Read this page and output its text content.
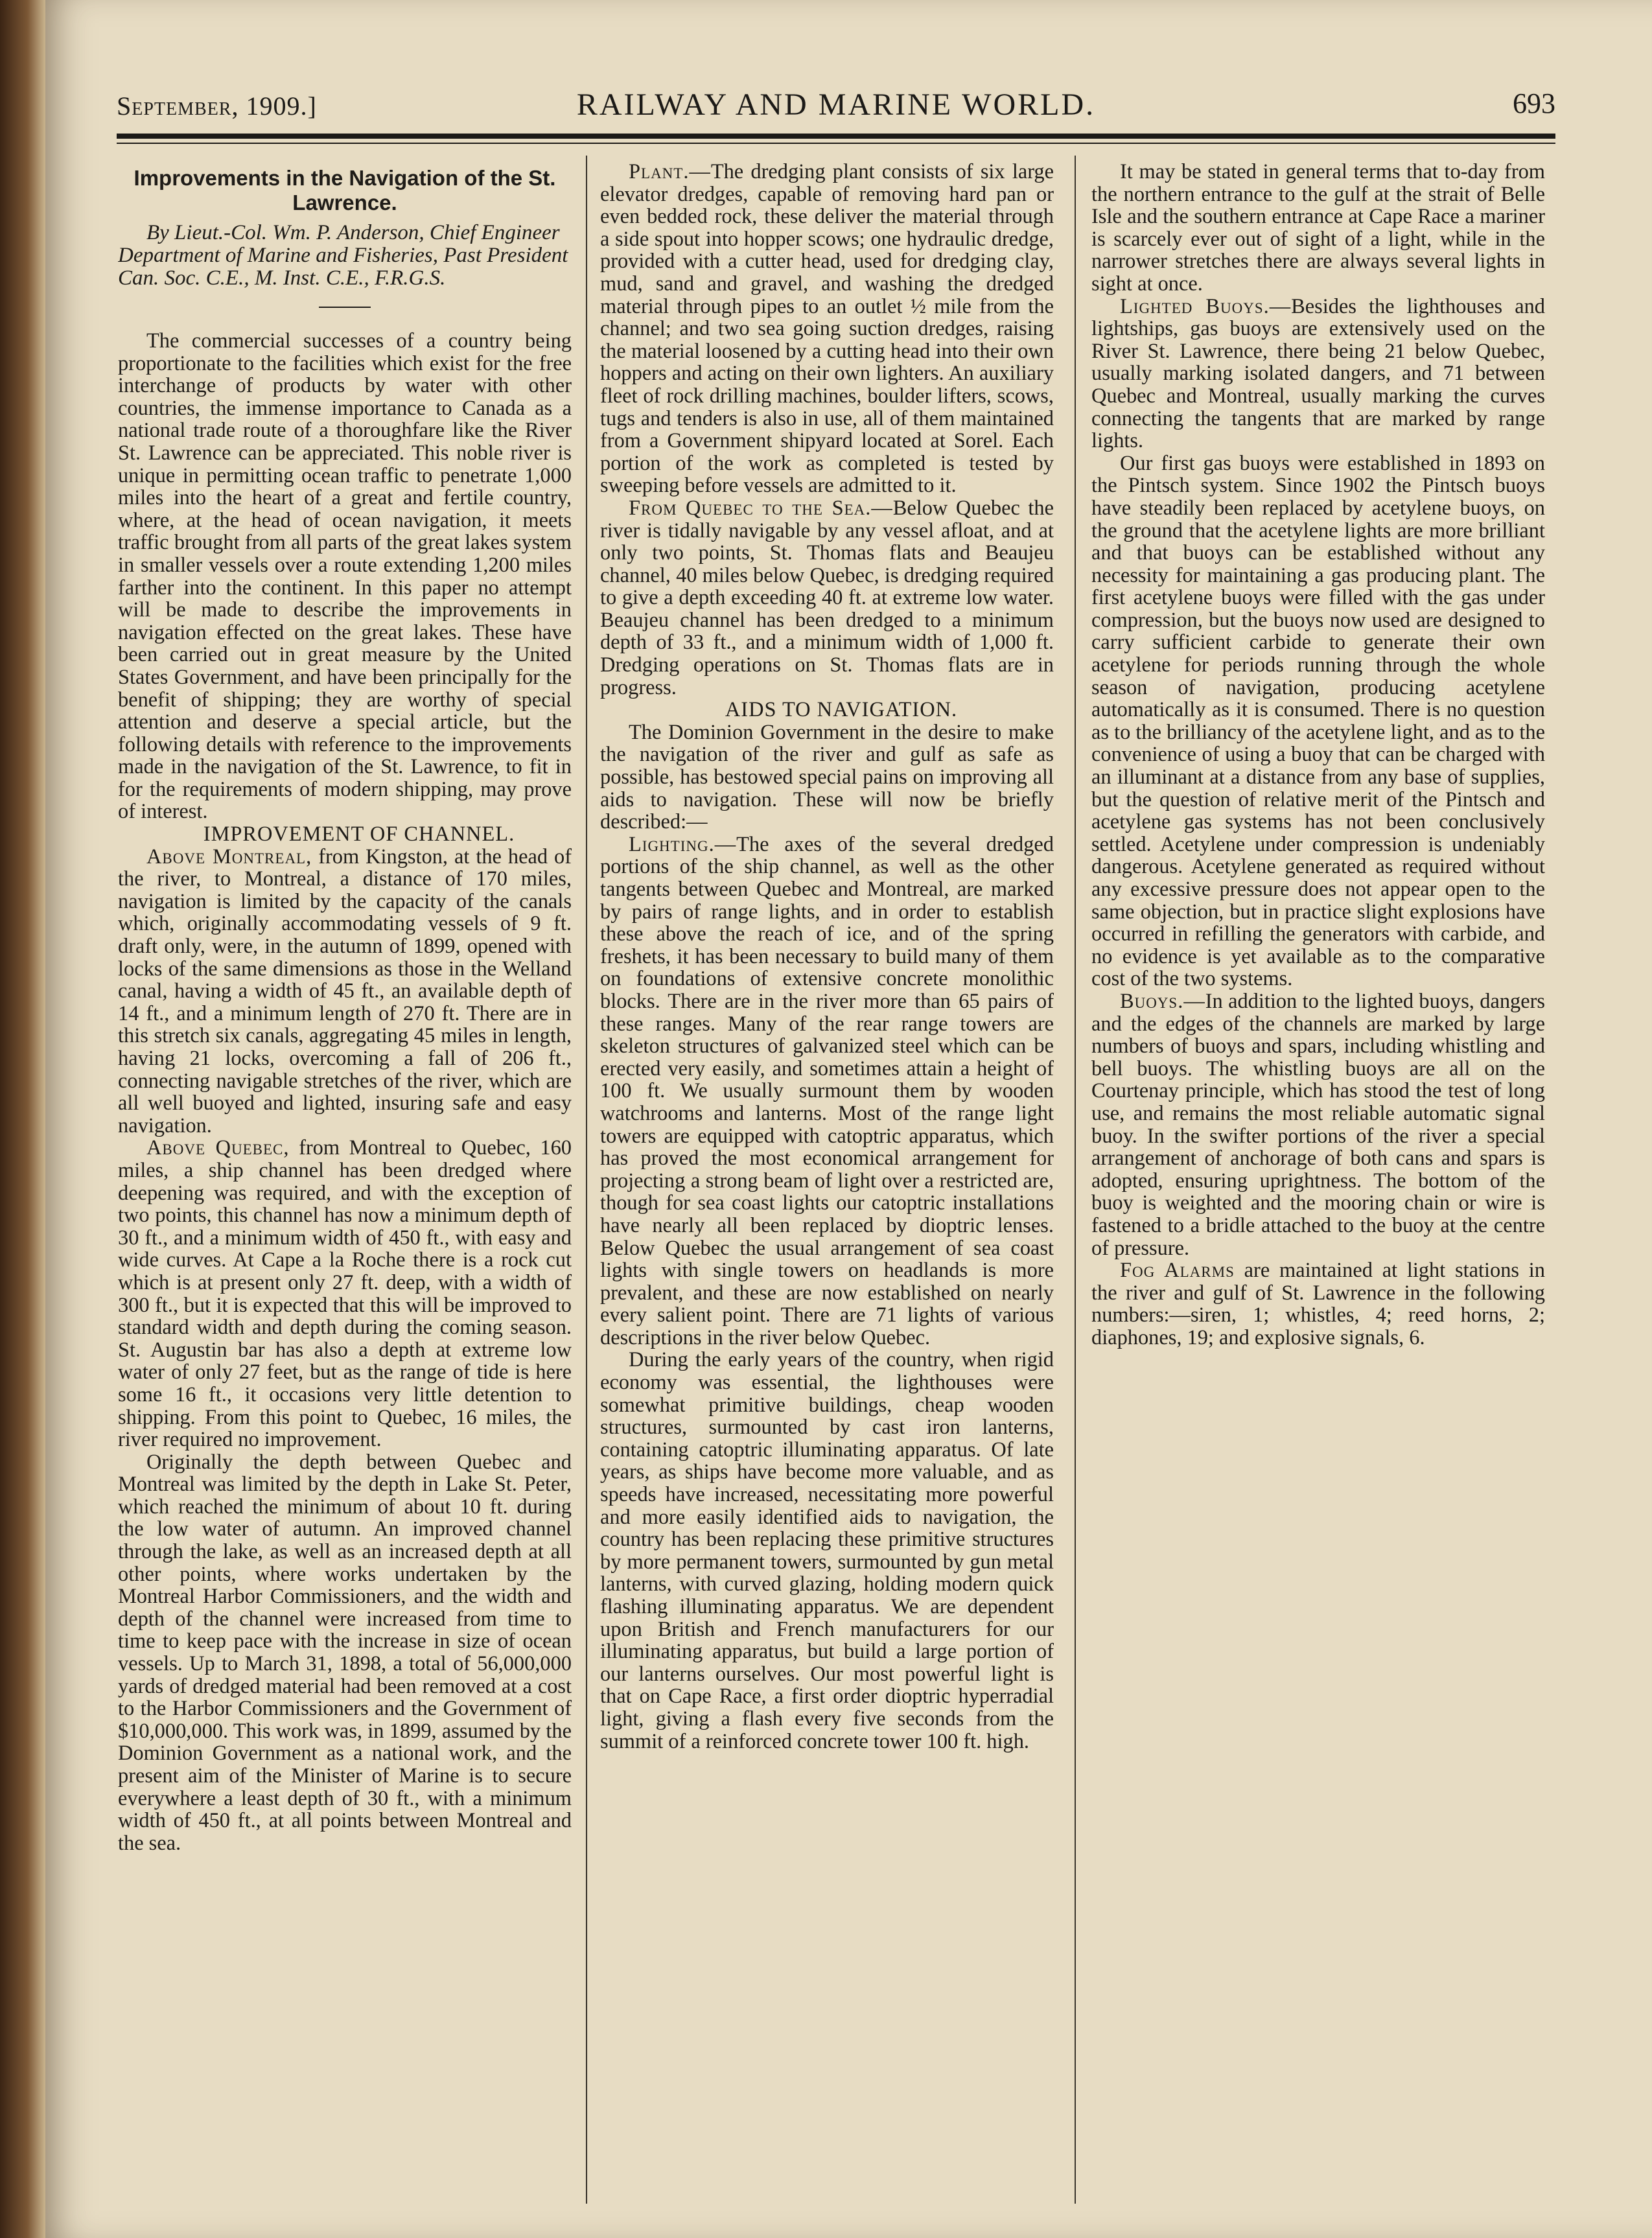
September, 1909.]	RAILWAY AND MARINE WORLD.	693
Improvements in the Navigation of the St. Lawrence.

By Lieut.-Col. Wm. P. Anderson, Chief Engineer Department of Marine and Fisheries, Past President Can. Soc. C.E., M. Inst. C.E., F.R.G.S.

The commercial successes of a country being proportionate to the facilities which exist for the free interchange of products by water with other countries, the immense importance to Canada as a national trade route of a thoroughfare like the River St. Lawrence can be appreciated. This noble river is unique in permitting ocean traffic to penetrate 1,000 miles into the heart of a great and fertile country, where, at the head of ocean navigation, it meets traffic brought from all parts of the great lakes system in smaller vessels over a route extending 1,200 miles farther into the continent. In this paper no attempt will be made to describe the improvements in navigation effected on the great lakes. These have been carried out in great measure by the United States Government, and have been principally for the benefit of shipping; they are worthy of special attention and deserve a special article, but the following details with reference to the improvements made in the navigation of the St. Lawrence, to fit in for the requirements of modern shipping, may prove of interest.

IMPROVEMENT OF CHANNEL.

Above Montreal, from Kingston, at the head of the river, to Montreal, a distance of 170 miles, navigation is limited by the capacity of the canals which, originally accommodating vessels of 9 ft. draft only, were, in the autumn of 1899, opened with locks of the same dimensions as those in the Welland canal, having a width of 45 ft., an available depth of 14 ft., and a minimum length of 270 ft. There are in this stretch six canals, aggregating 45 miles in length, having 21 locks, overcoming a fall of 206 ft., connecting navigable stretches of the river, which are all well buoyed and lighted, insuring safe and easy navigation.

Above Quebec, from Montreal to Quebec, 160 miles, a ship channel has been dredged where deepening was required, and with the exception of two points, this channel has now a minimum depth of 30 ft., and a minimum width of 450 ft., with easy and wide curves. At Cape a la Roche there is a rock cut which is at present only 27 ft. deep, with a width of 300 ft., but it is expected that this will be improved to standard width and depth during the coming season. St. Augustin bar has also a depth at extreme low water of only 27 feet, but as the range of tide is here some 16 ft., it occasions very little detention to shipping. From this point to Quebec, 16 miles, the river required no improvement.

Originally the depth between Quebec and Montreal was limited by the depth in Lake St. Peter, which reached the minimum of about 10 ft. during the low water of autumn. An improved channel through the lake, as well as an increased depth at all other points, where works undertaken by the Montreal Harbor Commissioners, and the width and depth of the channel were increased from time to time to keep pace with the increase in size of ocean vessels. Up to March 31, 1898, a total of 56,000,000 yards of dredged material had been removed at a cost to the Harbor Commissioners and the Government of $10,000,000. This work was, in 1899, assumed by the Dominion Government as a national work, and the present aim of the Minister of Marine is to secure everywhere a least depth of 30 ft., with a minimum width of 450 ft., at all points between Montreal and the sea.

Plant.—The dredging plant consists of six large elevator dredges, capable of removing hard pan or even bedded rock, these deliver the material through a side spout into hopper scows; one hydraulic dredge, provided with a cutter head, used for dredging clay, mud, sand and gravel, and washing the dredged material through pipes to an outlet ½ mile from the channel; and two sea going suction dredges, raising the material loosened by a cutting head into their own hoppers and acting on their own lighters. An auxiliary fleet of rock drilling machines, boulder lifters, scows, tugs and tenders is also in use, all of them maintained from a Government shipyard located at Sorel. Each portion of the work as completed is tested by sweeping before vessels are admitted to it.

From Quebec to the Sea.—Below Quebec the river is tidally navigable by any vessel afloat, and at only two points, St. Thomas flats and Beaujeu channel, 40 miles below Quebec, is dredging required to give a depth exceeding 40 ft. at extreme low water. Beaujeu channel has been dredged to a minimum depth of 33 ft., and a minimum width of 1,000 ft. Dredging operations on St. Thomas flats are in progress.

AIDS TO NAVIGATION.

The Dominion Government in the desire to make the navigation of the river and gulf as safe as possible, has bestowed special pains on improving all aids to navigation. These will now be briefly described:—

Lighting.—The axes of the several dredged portions of the ship channel, as well as the other tangents between Quebec and Montreal, are marked by pairs of range lights, and in order to establish these above the reach of ice, and of the spring freshets, it has been necessary to build many of them on foundations of extensive concrete monolithic blocks. There are in the river more than 65 pairs of these ranges. Many of the rear range towers are skeleton structures of galvanized steel which can be erected very easily, and sometimes attain a height of 100 ft. We usually surmount them by wooden watchrooms and lanterns. Most of the range light towers are equipped with catoptric apparatus, which has proved the most economical arrangement for projecting a strong beam of light over a restricted are, though for sea coast lights our catoptric installations have nearly all been replaced by dioptric lenses. Below Quebec the usual arrangement of sea coast lights with single towers on headlands is more prevalent, and these are now established on nearly every salient point. There are 71 lights of various descriptions in the river below Quebec.

During the early years of the country, when rigid economy was essential, the lighthouses were somewhat primitive buildings, cheap wooden structures, surmounted by cast iron lanterns, containing catoptric illuminating apparatus. Of late years, as ships have become more valuable, and as speeds have increased, necessitating more powerful and more easily identified aids to navigation, the country has been replacing these primitive structures by more permanent towers, surmounted by gun metal lanterns, with curved glazing, holding modern quick flashing illuminating apparatus. We are dependent upon British and French manufacturers for our illuminating apparatus, but build a large portion of our lanterns ourselves. Our most powerful light is that on Cape Race, a first order dioptric hyperradial light, giving a flash every five seconds from the summit of a reinforced concrete tower 100 ft. high.

It may be stated in general terms that to-day from the northern entrance to the gulf at the strait of Belle Isle and the southern entrance at Cape Race a mariner is scarcely ever out of sight of a light, while in the narrower stretches there are always several lights in sight at once.

Lighted Buoys.—Besides the lighthouses and lightships, gas buoys are extensively used on the River St. Lawrence, there being 21 below Quebec, usually marking isolated dangers, and 71 between Quebec and Montreal, usually marking the curves connecting the tangents that are marked by range lights.

Our first gas buoys were established in 1893 on the Pintsch system. Since 1902 the Pintsch buoys have steadily been replaced by acetylene buoys, on the ground that the acetylene lights are more brilliant and that buoys can be established without any necessity for maintaining a gas producing plant. The first acetylene buoys were filled with the gas under compression, but the buoys now used are designed to carry sufficient carbide to generate their own acetylene for periods running through the whole season of navigation, producing acetylene automatically as it is consumed. There is no question as to the brilliancy of the acetylene light, and as to the convenience of using a buoy that can be charged with an illuminant at a distance from any base of supplies, but the question of relative merit of the Pintsch and acetylene gas systems has not been conclusively settled. Acetylene under compression is undeniably dangerous. Acetylene generated as required without any excessive pressure does not appear open to the same objection, but in practice slight explosions have occurred in refilling the generators with carbide, and no evidence is yet available as to the comparative cost of the two systems.

Buoys.—In addition to the lighted buoys, dangers and the edges of the channels are marked by large numbers of buoys and spars, including whistling and bell buoys. The whistling buoys are all on the Courtenay principle, which has stood the test of long use, and remains the most reliable automatic signal buoy. In the swifter portions of the river a special arrangement of anchorage of both cans and spars is adopted, ensuring uprightness. The bottom of the buoy is weighted and the mooring chain or wire is fastened to a bridle attached to the buoy at the centre of pressure.

Fog Alarms are maintained at light stations in the river and gulf of St. Lawrence in the following numbers:—siren, 1; whistles, 4; reed horns, 2; diaphones, 19; and explosive signals, 6.
